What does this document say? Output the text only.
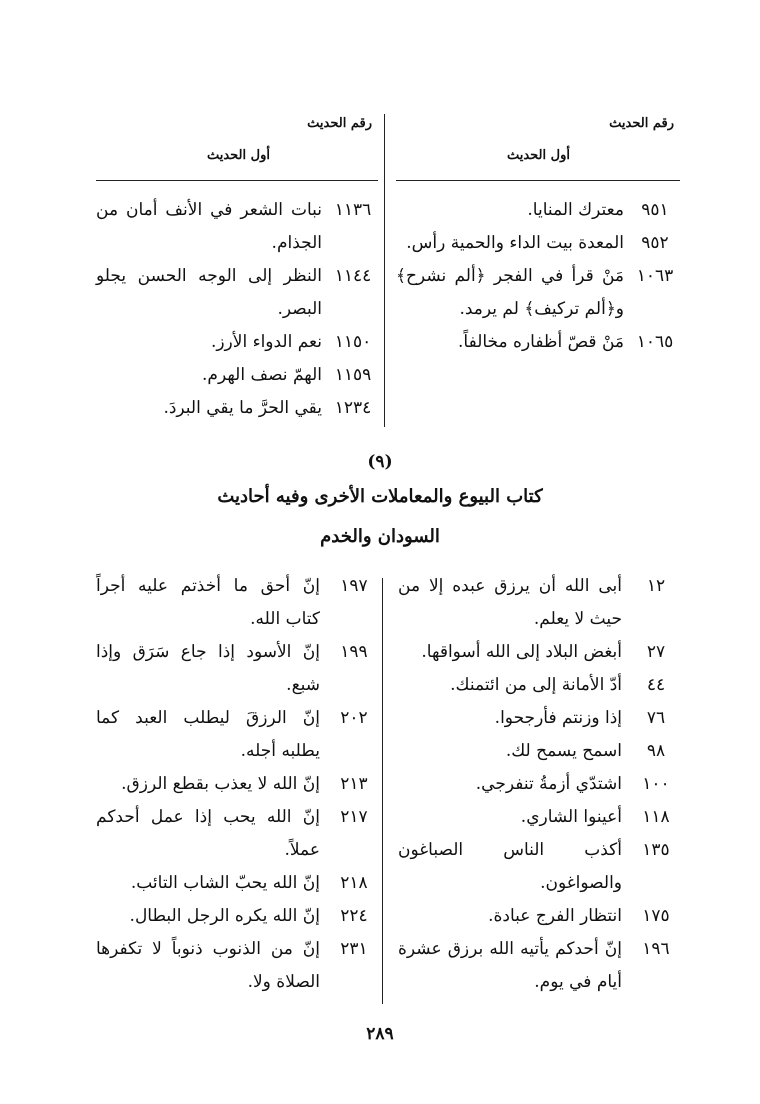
رقم الحديث
أول الحديث
٩٥١
معترك المنايا.
٩٥٢
المعدة بيت الداء والحمية رأس.
١٠٦٣
مَنْ قرأ في الفجر ﴿ألم نشرح﴾ و﴿ألم تركيف﴾ لم يرمد.
١٠٦٥
مَنْ قصّ أظفاره مخالفاً.
رقم الحديث
أول الحديث
١١٣٦
نبات الشعر في الأنف أمان من الجذام.
١١٤٤
النظر إلى الوجه الحسن يجلو البصر.
١١٥٠
نعم الدواء الأرز.
١١٥٩
الهمّ نصف الهرم.
١٢٣٤
يقي الحرَّ ما يقي البردَ.
(٩)
كتاب البيوع والمعاملات الأخرى وفيه أحاديث
السودان والخدم
١٢
أبى الله أن يرزق عبده إلا من حيث لا يعلم.
٢٧
أبغض البلاد إلى الله أسواقها.
٤٤
أدّ الأمانة إلى من ائتمنك.
٧٦
إذا وزنتم فأرجحوا.
٩٨
اسمح يسمح لك.
١٠٠
اشتدّي أزمةُ تنفرجي.
١١٨
أعينوا الشاري.
١٣٥
أكذب الناس الصباغون والصواغون.
١٧٥
انتظار الفرج عبادة.
١٩٦
إنّ أحدكم يأتيه الله برزق عشرة أيام في يوم.
١٩٧
إنّ أحق ما أخذتم عليه أجراً كتاب الله.
١٩٩
إنّ الأسود إذا جاع سَرَق وإذا شبع.
٢٠٢
إنّ الرزقَ ليطلب العبد كما يطلبه أجله.
٢١٣
إنّ الله لا يعذب بقطع الرزق.
٢١٧
إنّ الله يحب إذا عمل أحدكم عملاً.
٢١٨
إنّ الله يحبّ الشاب التائب.
٢٢٤
إنّ الله يكره الرجل البطال.
٢٣١
إنّ من الذنوب ذنوباً لا تكفرها الصلاة ولا.
٢٨٩
